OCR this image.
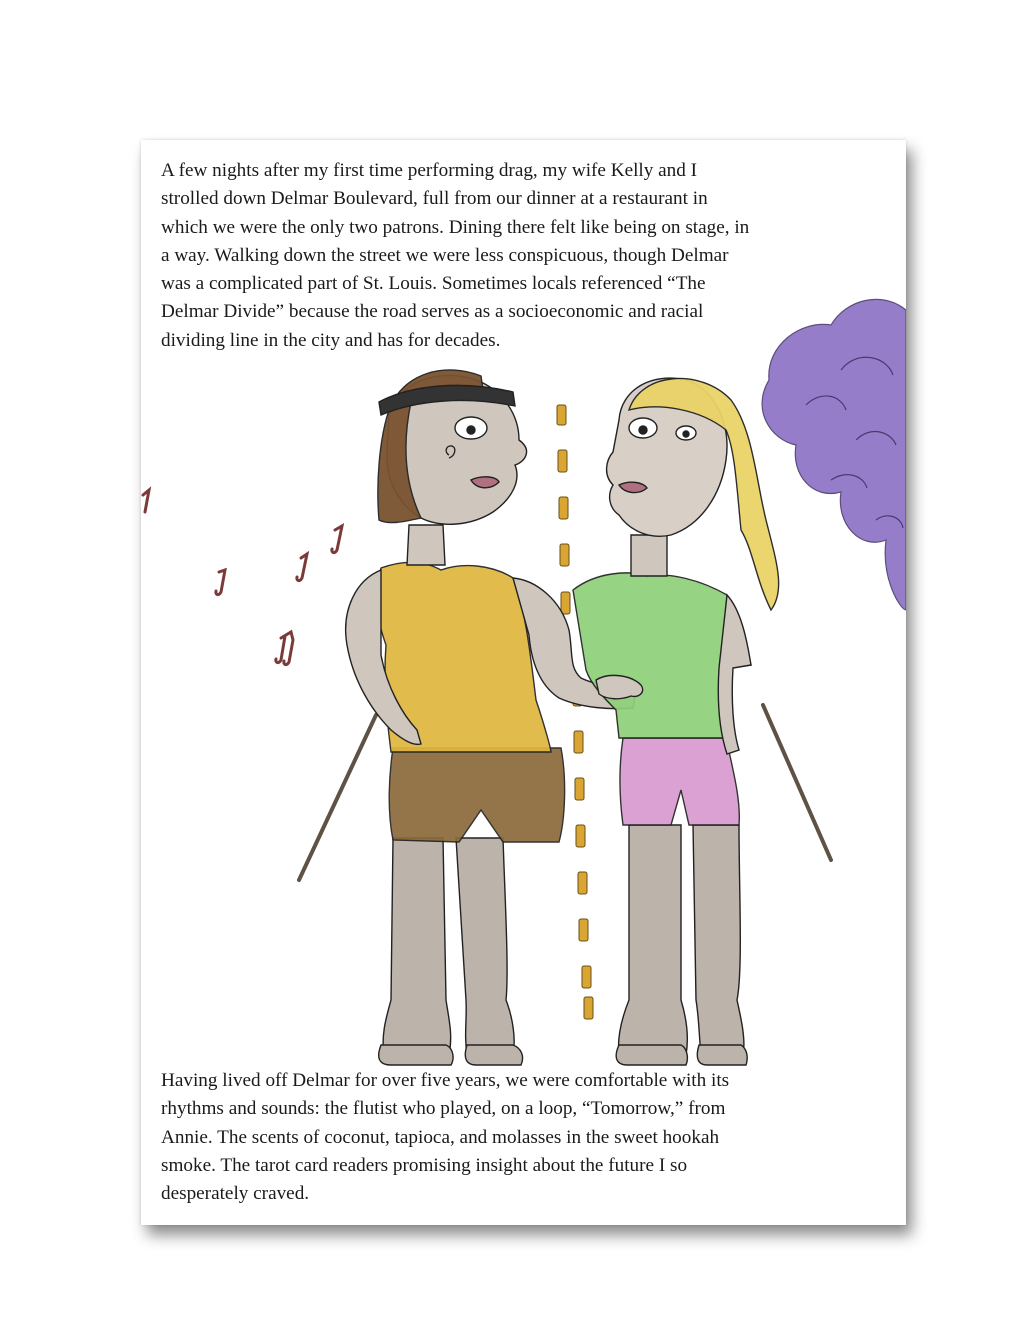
A few nights after my first time performing drag, my wife Kelly and I
strolled down Delmar Boulevard, full from our dinner at a restaurant in
which we were the only two patrons. Dining there felt like being on stage, in
a way. Walking down the street we were less conspicuous, though Delmar
was a complicated part of St. Louis. Sometimes locals referenced “The
Delmar Divide” because the road serves as a socioeconomic and racial
dividing line in the city and has for decades.
Having lived off Delmar for over five years, we were comfortable with its
rhythms and sounds: the flutist who played, on a loop, “Tomorrow,” from
Annie. The scents of coconut, tapioca, and molasses in the sweet hookah
smoke. The tarot card readers promising insight about the future I so
desperately craved.
